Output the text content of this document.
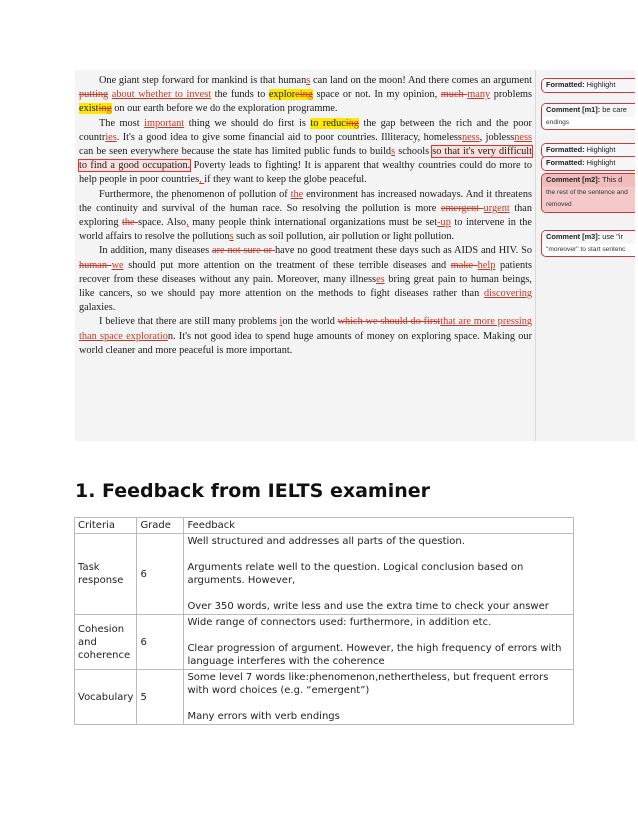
One giant step forward for mankind is that humans can land on the moon! And there comes an argument putting about whether to invest the funds to exploreing space or not. In my opinion, much many problems existing on our earth before we do the exploration programme.

The most important thing we should do first is to reducing the gap between the rich and the poor countries. It's a good idea to give some financial aid to poor countries. Illiteracy, homelessness, joblessness can be seen everywhere because the state has limited public funds to builds schools so that it's very difficult to find a good occupation. Poverty leads to fighting! It is apparent that wealthy countries could do more to help people in poor countries, if they want to keep the globe peaceful.

Furthermore, the phenomenon of pollution of the environment has increased nowadays. And it threatens the continuity and survival of the human race. So resolving the pollution is more emergent urgent than exploring the space. Also, many people think international organizations must be set-up to intervene in the world affairs to resolve the pollutions such as soil pollution, air pollution or light pollution.

In addition, many diseases are not sure or have no good treatment these days such as AIDS and HIV. So human we should put more attention on the treatment of these terrible diseases and make help patients recover from these diseases without any pain. Moreover, many illnesses bring great pain to human beings, like cancers, so we should pay more attention on the methods to fight diseases rather than discovering galaxies.

I believe that there are still many problems ion the world which we should do firstthat are more pressing than space exploration. It's not good idea to spend huge amounts of money on exploring space. Making our world cleaner and more peaceful is more important.

Formatted: Highlight
Comment [m1]: be care
endings
Formatted: Highlight
Formatted: Highlight
Comment [m2]: This d
the rest of the sentence and
removed
Comment [m3]: use "ir
"moreover" to start sentenc
1. Feedback from IELTS examiner
Criteria	Grade	Feedback
Task response	6	Well structured and addresses all parts of the question.

Arguments relate well to the question. Logical conclusion based on arguments. However,

Over 350 words, write less and use the extra time to check your answer

Cohesion and coherence	6	Wide range of connectors used: furthermore, in addition etc.

Clear progression of argument. However, the high frequency of errors with language interferes with the coherence

Vocabulary	5	Some level 7 words like:phenomenon,nethertheless, but frequent errors with word choices (e.g. “emergent”)

Many errors with verb endings
